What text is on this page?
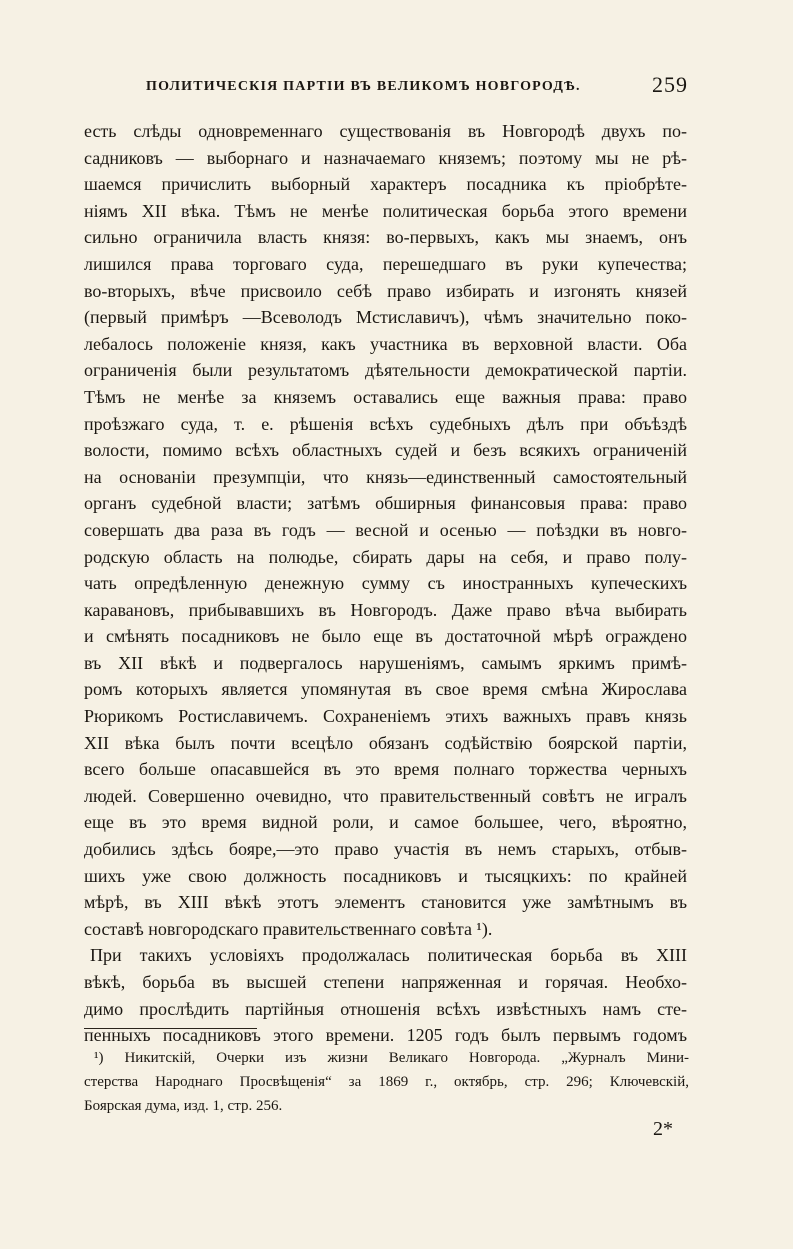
ПОЛИТИЧЕСКІЯ ПАРТІИ ВЪ ВЕЛИКОМЪ НОВГОРОДѢ.	259
есть слѣды одновременнаго существованія въ Новгородѣ двухъ по-
садниковъ — выборнаго и назначаемаго княземъ; поэтому мы не рѣ-
шаемся причислить выборный характеръ посадника къ пріобрѣте-
ніямъ XII вѣка. Тѣмъ не менѣе политическая борьба этого времени
сильно ограничила власть князя: во-первыхъ, какъ мы знаемъ, онъ
лишился права торговаго суда, перешедшаго въ руки купечества;
во-вторыхъ, вѣче присвоило себѣ право избирать и изгонять князей
(первый примѣръ —Всеволодъ Мстиславичъ), чѣмъ значительно поко-
лебалось положеніе князя, какъ участника въ верховной власти. Оба
ограниченія были результатомъ дѣятельности демократической партіи.
Тѣмъ не менѣе за княземъ оставались еще важныя права: право
проѣзжаго суда, т. е. рѣшенія всѣхъ судебныхъ дѣлъ при объѣздѣ
волости, помимо всѣхъ областныхъ судей и безъ всякихъ ограниченій
на основаніи презумпціи, что князь—единственный самостоятельный
органъ судебной власти; затѣмъ обширныя финансовыя права: право
совершать два раза въ годъ — весной и осенью — поѣздки въ новго-
родскую область на полюдье, сбирать дары на себя, и право полу-
чать опредѣленную денежную сумму съ иностранныхъ купеческихъ
каравановъ, прибывавшихъ въ Новгородъ. Даже право вѣча выбирать
и смѣнять посадниковъ не было еще въ достаточной мѣрѣ ограждено
въ XII вѣкѣ и подвергалось нарушеніямъ, самымъ яркимъ примѣ-
ромъ которыхъ является упомянутая въ свое время смѣна Жирослава
Рюрикомъ Ростиславичемъ. Сохраненіемъ этихъ важныхъ правъ князь
XII вѣка былъ почти всецѣло обязанъ содѣйствію боярской партіи,
всего больше опасавшейся въ это время полнаго торжества черныхъ
людей. Совершенно очевидно, что правительственный совѣтъ не игралъ
еще въ это время видной роли, и самое большее, чего, вѣроятно,
добились здѣсь бояре,—это право участія въ немъ старыхъ, отбыв-
шихъ уже свою должность посадниковъ и тысяцкихъ: по крайней
мѣрѣ, въ XIII вѣкѣ этотъ элементъ становится уже замѣтнымъ въ
составѣ новгородскаго правительственнаго совѣта ¹).
При такихъ условіяхъ продолжалась политическая борьба въ XIII
вѣкѣ, борьба въ высшей степени напряженная и горячая. Необхо-
димо прослѣдить партійныя отношенія всѣхъ извѣстныхъ намъ сте-
пенныхъ посадниковъ этого времени. 1205 годъ былъ первымъ годомъ
¹) Никитскій, Очерки изъ жизни Великаго Новгорода. „Журналъ Мини-
стерства Народнаго Просвѣщенія“ за 1869 г., октябрь, стр. 296; Ключевскій,
Боярская дума, изд. 1, стр. 256.
2*
